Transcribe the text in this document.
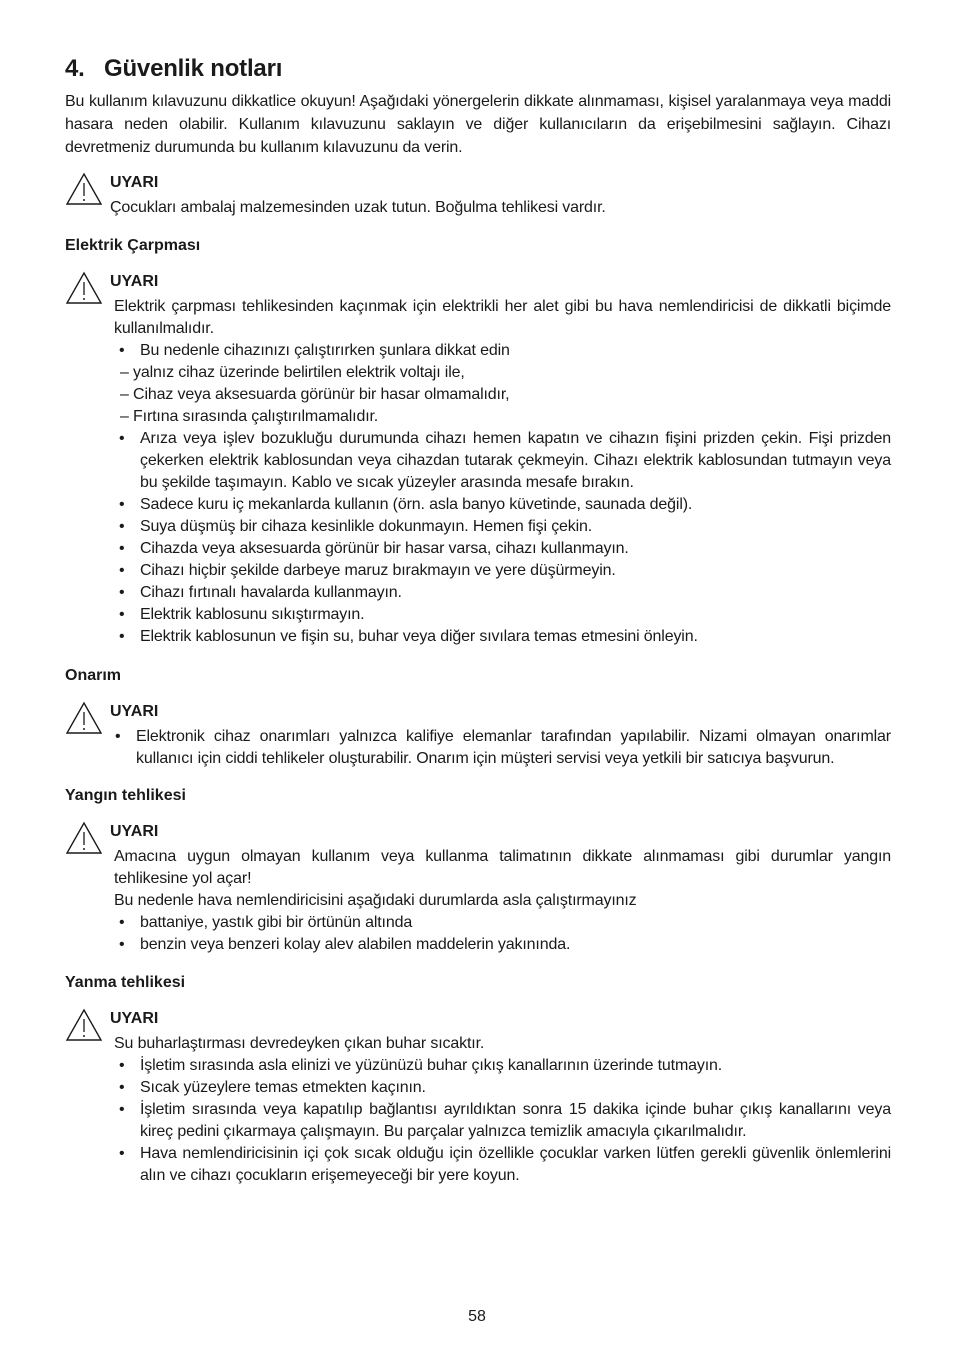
4. Güvenlik notları

Bu kullanım kılavuzunu dikkatlice okuyun! Aşağıdaki yönergelerin dikkate alınmaması, kişisel yaralanmaya veya maddi hasara neden olabilir. Kullanım kılavuzunu saklayın ve diğer kullanıcıların da erişebilmesini sağlayın. Cihazı devretmeniz durumunda bu kullanım kılavuzunu da verin.

UYARI

Çocukları ambalaj malzemesinden uzak tutun. Boğulma tehlikesi vardır.

Elektrik Çarpması
UYARI

Elektrik çarpması tehlikesinden kaçınmak için elektrikli her alet gibi bu hava nemlendiricisi de dikkatli biçimde kullanılmalıdır.

• Bu nedenle cihazınızı çalıştırırken şunlara dikkat edin

– yalnız cihaz üzerinde belirtilen elektrik voltajı ile,

– Cihaz veya aksesuarda görünür bir hasar olmamalıdır,

– Fırtına sırasında çalıştırılmamalıdır.

• Arıza veya işlev bozukluğu durumunda cihazı hemen kapatın ve cihazın fişini prizden çekin. Fişi prizden çekerken elektrik kablosundan veya cihazdan tutarak çekmeyin. Cihazı elektrik kablosundan tutmayın veya bu şekilde taşımayın. Kablo ve sıcak yüzeyler arasında mesafe bırakın.
• Sadece kuru iç mekanlarda kullanın (örn. asla banyo küvetinde, saunada değil).
• Suya düşmüş bir cihaza kesinlikle dokunmayın. Hemen fişi çekin.
• Cihazda veya aksesuarda görünür bir hasar varsa, cihazı kullanmayın.
• Cihazı hiçbir şekilde darbeye maruz bırakmayın ve yere düşürmeyin.
• Cihazı fırtınalı havalarda kullanmayın.
• Elektrik kablosunu sıkıştırmayın.
• Elektrik kablosunun ve fişin su, buhar veya diğer sıvılara temas etmesini önleyin.
Onarım
UYARI
• Elektronik cihaz onarımları yalnızca kalifiye elemanlar tarafından yapılabilir. Nizami olmayan onarımlar kullanıcı için ciddi tehlikeler oluşturabilir. Onarım için müşteri servisi veya yetkili bir satıcıya başvurun.
Yangın tehlikesi
UYARI

Amacına uygun olmayan kullanım veya kullanma talimatının dikkate alınmaması gibi durumlar yangın tehlikesine yol açar!

Bu nedenle hava nemlendiricisini aşağıdaki durumlarda asla çalıştırmayınız

• battaniye, yastık gibi bir örtünün altında
• benzin veya benzeri kolay alev alabilen maddelerin yakınında.
Yanma tehlikesi
UYARI

Su buharlaştırması devredeyken çıkan buhar sıcaktır.

• İşletim sırasında asla elinizi ve yüzünüzü buhar çıkış kanallarının üzerinde tutmayın.
• Sıcak yüzeylere temas etmekten kaçının.
• İşletim sırasında veya kapatılıp bağlantısı ayrıldıktan sonra 15 dakika içinde buhar çıkış kanallarını veya kireç pedini çıkarmaya çalışmayın. Bu parçalar yalnızca temizlik amacıyla çıkarılmalıdır.
• Hava nemlendiricisinin içi çok sıcak olduğu için özellikle çocuklar varken lütfen gerekli güvenlik önlemlerini alın ve cihazı çocukların erişemeyeceği bir yere koyun.
58
